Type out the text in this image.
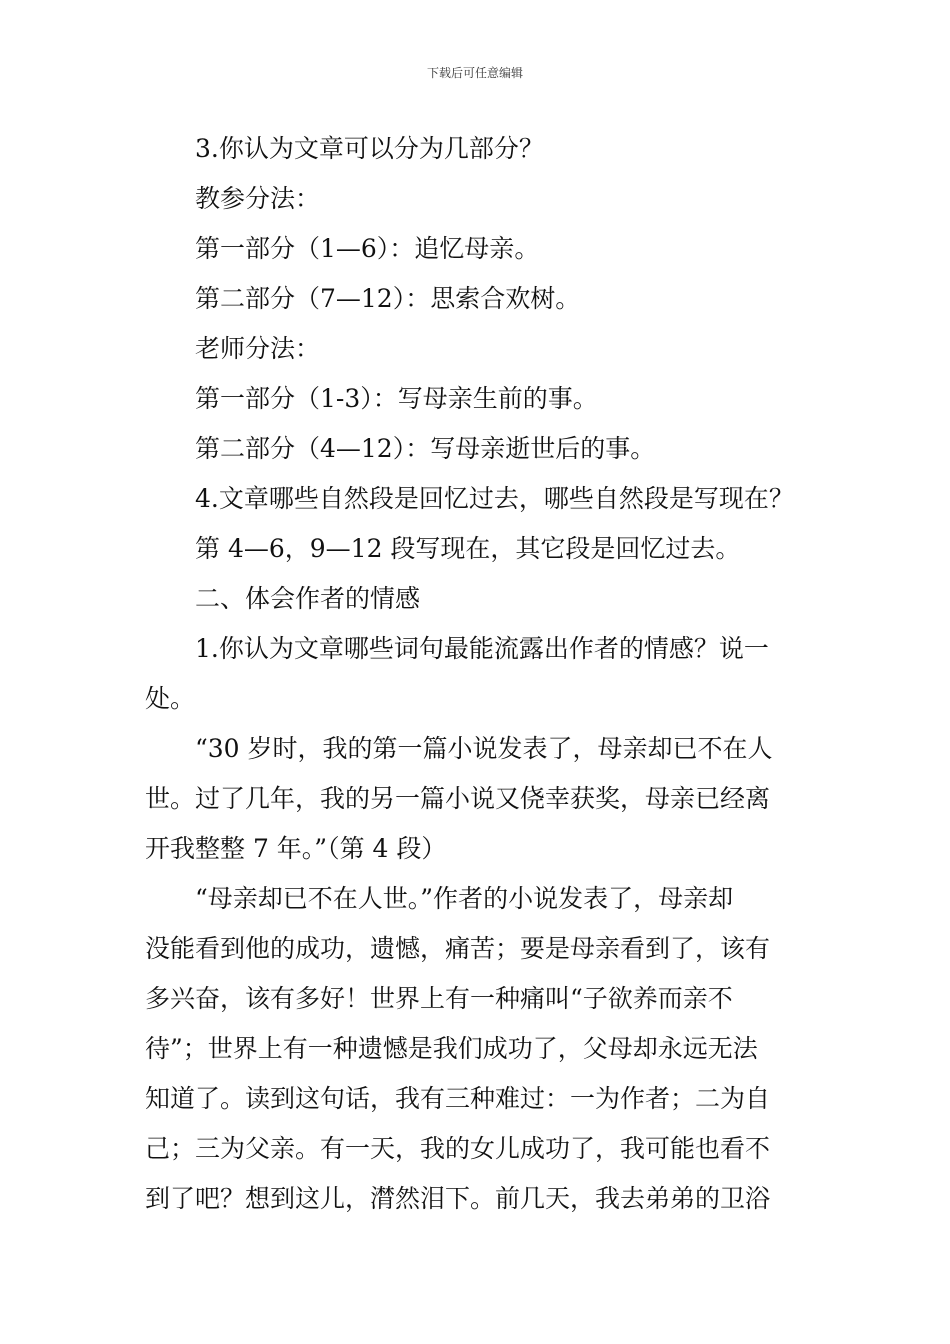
下载后可任意编辑
3.你认为文章可以分为几部分？
教参分法：
第一部分（1—6）：追忆母亲。
第二部分（7—12）：思索合欢树。
老师分法：
第一部分（1-3）：写母亲生前的事。
第二部分（4—12）：写母亲逝世后的事。
4.文章哪些自然段是回忆过去，哪些自然段是写现在？
第 4—6，9—12 段写现在，其它段是回忆过去。
二、体会作者的情感
1.你认为文章哪些词句最能流露出作者的情感？说一
处。
“30 岁时，我的第一篇小说发表了，母亲却已不在人
世。过了几年，我的另一篇小说又侥幸获奖，母亲已经离
开我整整 7 年。”（第 4 段）
“母亲却已不在人世。”作者的小说发表了，母亲却
没能看到他的成功，遗憾，痛苦；要是母亲看到了，该有
多兴奋，该有多好！世界上有一种痛叫“子欲养而亲不
待”；世界上有一种遗憾是我们成功了，父母却永远无法
知道了。读到这句话，我有三种难过：一为作者；二为自
己；三为父亲。有一天，我的女儿成功了，我可能也看不
到了吧？想到这儿，潸然泪下。前几天，我去弟弟的卫浴
